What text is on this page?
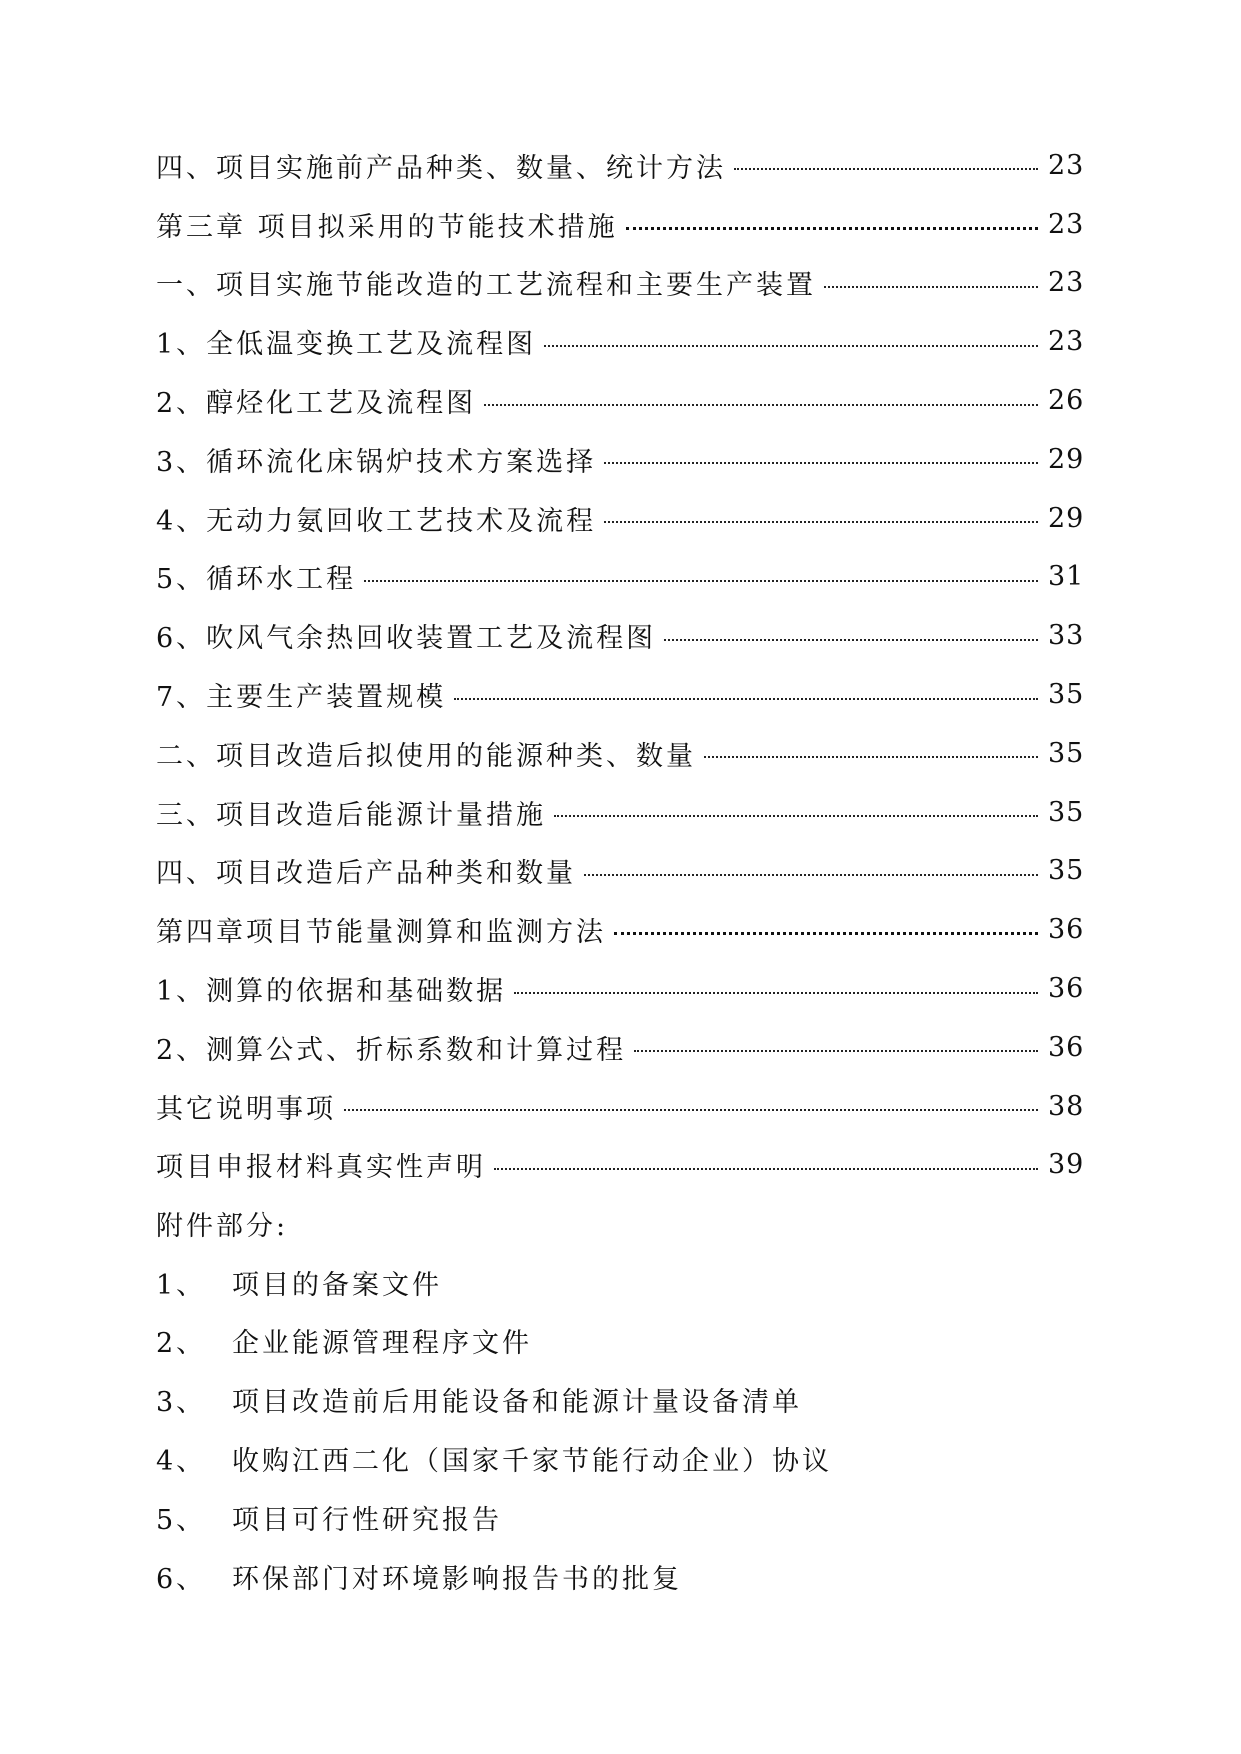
四、项目实施前产品种类、数量、统计方法	23
第三章 项目拟采用的节能技术措施	23
一、项目实施节能改造的工艺流程和主要生产装置	23
1、全低温变换工艺及流程图	23
2、醇烃化工艺及流程图	26
3、循环流化床锅炉技术方案选择	29
4、无动力氨回收工艺技术及流程	29
5、循环水工程	31
6、吹风气余热回收装置工艺及流程图	33
7、主要生产装置规模	35
二、项目改造后拟使用的能源种类、数量	35
三、项目改造后能源计量措施	35
四、项目改造后产品种类和数量	35
第四章项目节能量测算和监测方法	36
1、测算的依据和基础数据	36
2、测算公式、折标系数和计算过程	36
其它说明事项	38
项目申报材料真实性声明	39
附件部分:
1、 项目的备案文件
2、 企业能源管理程序文件
3、 项目改造前后用能设备和能源计量设备清单
4、 收购江西二化（国家千家节能行动企业）协议
5、 项目可行性研究报告
6、 环保部门对环境影响报告书的批复
